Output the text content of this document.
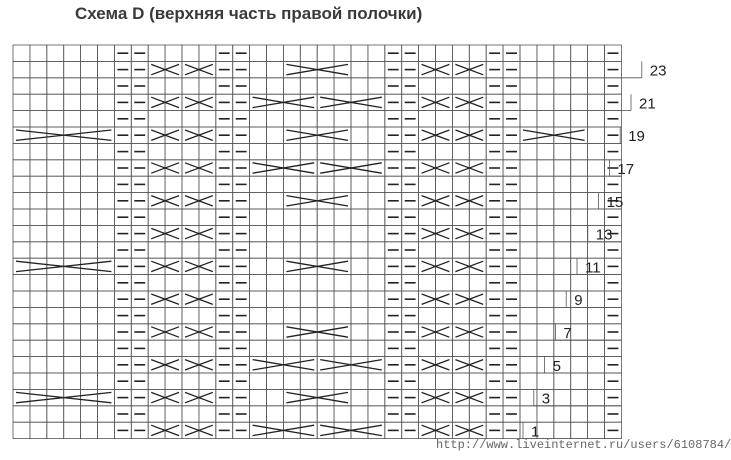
Схема D (верхняя часть правой полочки)
1
3
5
7
9
11
13
15
17
19
21
23
http://www.liveinternet.ru/users/6108784/
